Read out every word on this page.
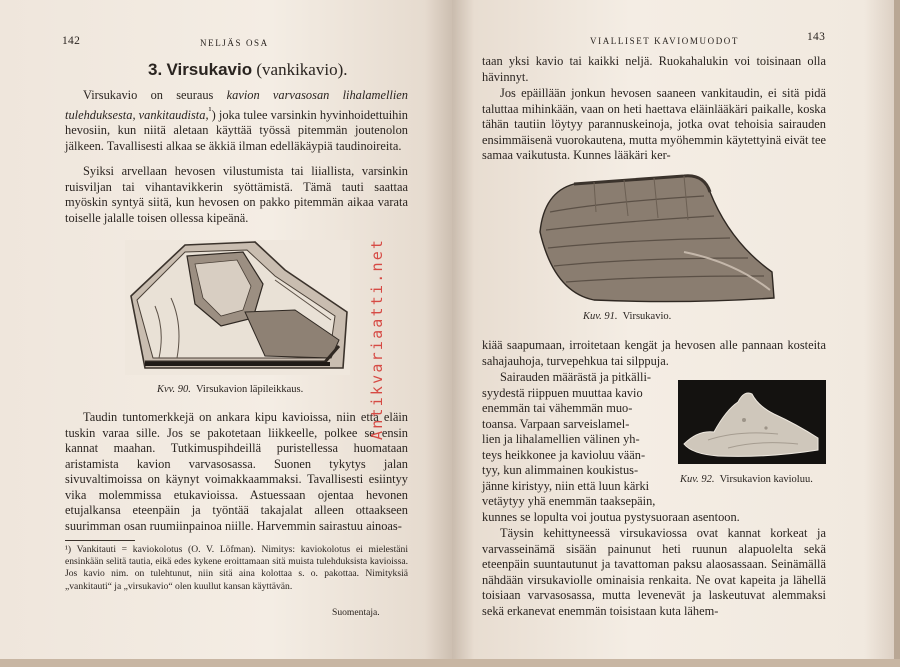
142	NELJÄS OSA
3. Virsukavio (vankikavio).

Virsukavio on seuraus kavion varvasosan lihalamellien tulehduksesta, vankitaudista,$^{^1}$) joka tulee varsinkin hyvinhoidettuihin hevosiin, kun niitä aletaan käyttää työssä pitemmän joutenolon jälkeen. Tavallisesti alkaa se äkkiä ilman edelläkäypiä taudinoireita.

Syiksi arvellaan hevosen vilustumista tai liiallista, varsinkin ruisviljan tai vihantavikkerin syöttämistä. Tämä tauti saattaa myöskin syntyä siitä, kun hevosen on pakko pitemmän aikaa varata toiselle jalalle toisen ollessa kipeänä.

Kvv. 90. Virsukavion läpileikkaus.

Taudin tuntomerkkejä on ankara kipu kavioissa, niin että eläin tuskin varaa sille. Jos se pakotetaan liikkeelle, polkee se ensin kannat maahan. Tutkimuspihdeillä puristellessa huomataan aristamista kavion varvasosassa. Suonen tykytys jalan sivuvaltimoissa on käynyt voimakkaammaksi. Tavallisesti esiintyy vika molemmissa etukavioissa. Astuessaan ojentaa hevonen etujalkansa eteenpäin ja työntää takajalat alleen ottaakseen suurimman osan ruumiinpainoa niille. Harvemmin sairastuu ainoas-

¹) Vankitauti = kaviokolotus (O. V. Löfman). Nimitys: kaviokolotus ei mielestäni ensinkään selitä tautia, eikä edes kykene eroittamaan sitä muista tulehduksista kavioissa. Jos kavio nim. on tulehtunut, niin sitä aina kolottaa s. o. pakottaa. Nimityksiä „vankitauti“ ja „virsukavio“ olen kuullut kansan käyttävän.

Suomentaja.
VIALLISET KAVIOMUODOT	143

taan yksi kavio tai kaikki neljä. Ruokahalukin voi toisinaan olla hävinnyt.

Jos epäillään jonkun hevosen saaneen vankitaudin, ei sitä pidä taluttaa mihinkään, vaan on heti haettava eläinlääkäri paikalle, koska tähän tautiin löytyy parannuskeinoja, jotka ovat tehoisia sairauden ensimmäisenä vuorokautena, mutta myöhemmin käytettyinä eivät tee samaa vaikutusta. Kunnes lääkäri ker-

Kuv. 91. Virsukavio.

kiää saapumaan, irroitetaan kengät ja hevosen alle pannaan kosteita sahajauhoja, turvepehkua tai silppuja.

Sairauden määrästä ja pitkälli-
syydestä riippuen muuttaa kavio
enemmän tai vähemmän muo-
toansa. Varpaan sarveislamel-
lien ja lihalamellien välinen yh-
teys heikkonee ja kavioluu vään-
tyy, kun alimmainen koukistus-
jänne kiristyy, niin että luun kärki
vetäytyy yhä enemmän taaksepäin,
kunnes se lopulta voi joutua pystysuoraan asentoon.
Kuv. 92. Virsukavion kavioluu.

Täysin kehittyneessä virsukaviossa ovat kannat korkeat ja varvasseinämä sisään painunut heti ruunun alapuolelta sekä eteenpäin suuntautunut ja tavattoman paksu alaosassaan. Seinämällä nähdään virsukaviolle ominaisia renkaita. Ne ovat kapeita ja lähellä toisiaan varvasosassa, mutta levenevät ja laskeutuvat alemmaksi sekä erkanevat enemmän toisistaan kuta lähem-

Antikvariaatti.net
